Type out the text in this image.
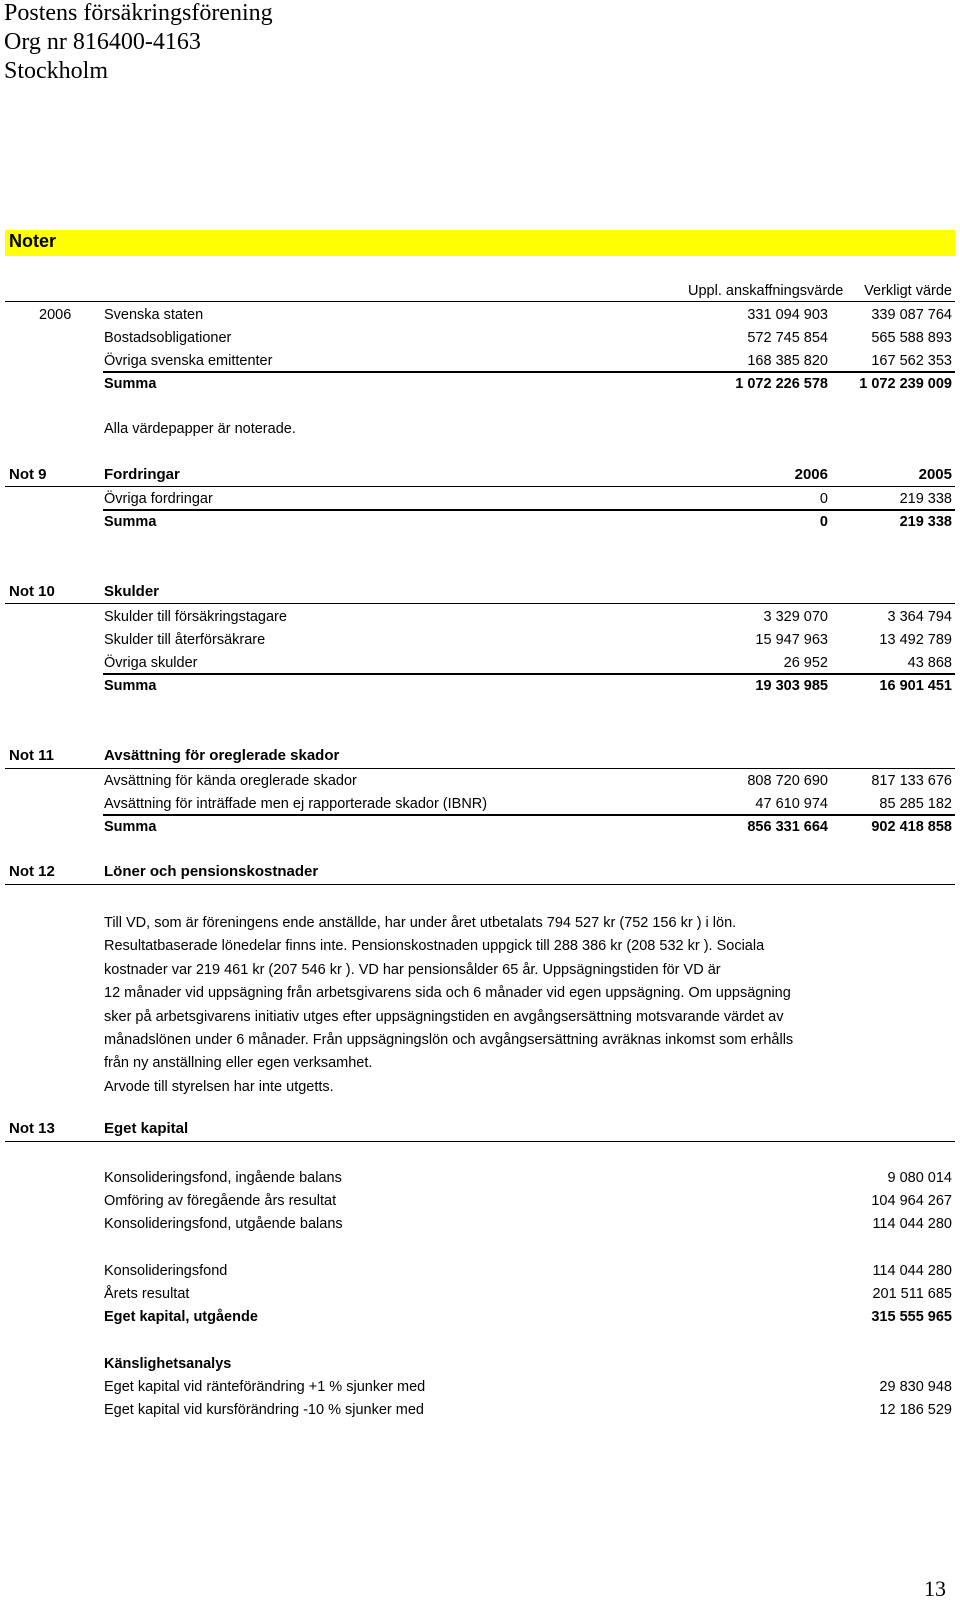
Postens försäkringsförening
Org nr 816400-4163
Stockholm
Noter
Uppl. anskaffningsvärde	Verkligt värde
2006 Svenska staten	331 094 903	339 087 764
Bostadsobligationer	572 745 854	565 588 893
Övriga svenska emittenter	168 385 820	167 562 353
Summa	1 072 226 578	1 072 239 009
Alla värdepapper är noterade.
Not 9	Fordringar	2006	2005
Övriga fordringar	0	219 338
Summa	0	219 338
Not 10	Skulder
Skulder till försäkringstagare	3 329 070	3 364 794
Skulder till återförsäkrare	15 947 963	13 492 789
Övriga skulder	26 952	43 868
Summa	19 303 985	16 901 451
Not 11	Avsättning för oreglerade skador
Avsättning för kända oreglerade skador	808 720 690	817 133 676
Avsättning för inträffade men ej rapporterade skador (IBNR)	47 610 974	85 285 182
Summa	856 331 664	902 418 858
Not 12	Löner och pensionskostnader
Till VD, som är föreningens ende anställde, har under året utbetalats 794 527 kr (752 156 kr ) i lön.
Resultatbaserade lönedelar finns inte. Pensionskostnaden uppgick till 288 386 kr (208 532 kr ). Sociala
kostnader var 219 461 kr (207 546 kr ). VD har pensionsålder 65 år. Uppsägningstiden för VD är
12 månader vid uppsägning från arbetsgivarens sida och 6 månader vid egen uppsägning. Om uppsägning
sker på arbetsgivarens initiativ utges efter uppsägningstiden en avgångsersättning motsvarande värdet av
månadslönen under 6 månader. Från uppsägningslön och avgångsersättning avräknas inkomst som erhålls
från ny anställning eller egen verksamhet.
Arvode till styrelsen har inte utgetts.
Not 13	Eget kapital
Konsolideringsfond, ingående balans	9 080 014
Omföring av föregående års resultat	104 964 267
Konsolideringsfond, utgående balans	114 044 280
Konsolideringsfond	114 044 280
Årets resultat	201 511 685
Eget kapital, utgående	315 555 965
Känslighetsanalys
Eget kapital vid ränteförändring +1 % sjunker med	29 830 948
Eget kapital vid kursförändring -10 % sjunker med	12 186 529
13
